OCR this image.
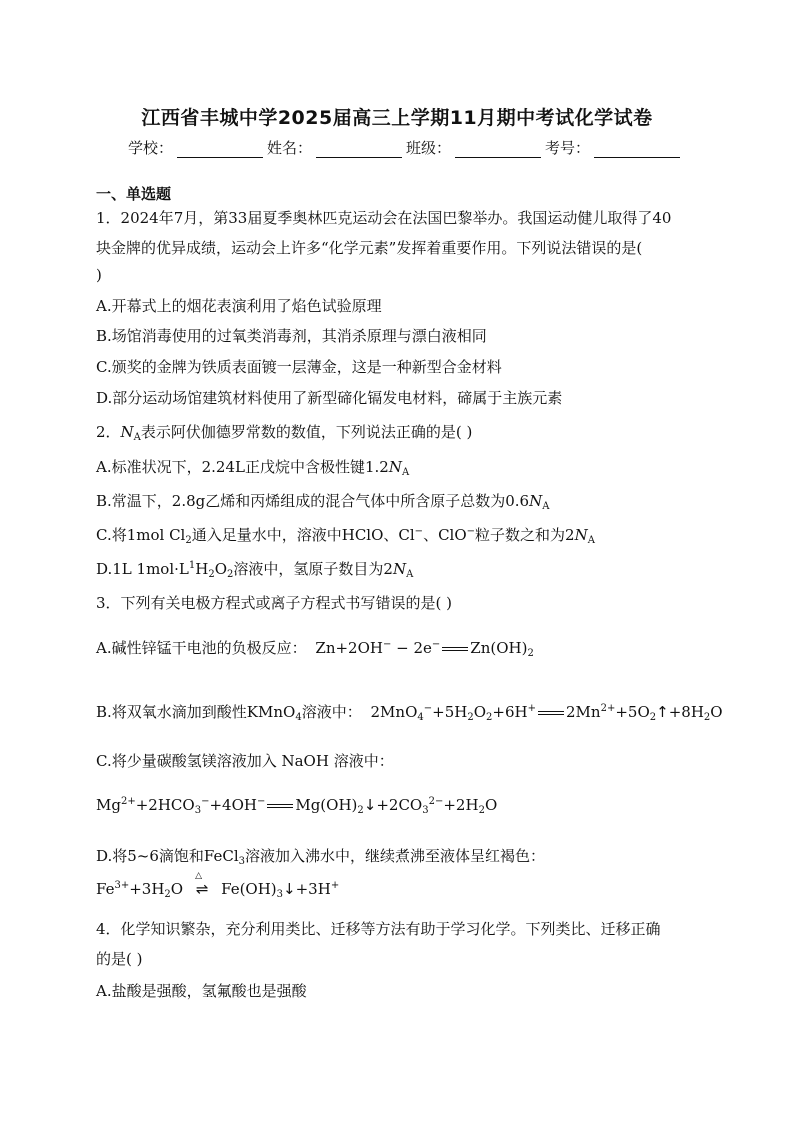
江西省丰城中学2025届高三上学期11月期中考试化学试卷
学校：	姓名：	班级：	考号：
一、单选题
1．2024年7月，第33届夏季奥林匹克运动会在法国巴黎举办。我国运动健儿取得了40
块金牌的优异成绩，运动会上许多“化学元素”发挥着重要作用。下列说法错误的是(
)
A.开幕式上的烟花表演利用了焰色试验原理
B.场馆消毒使用的过氧类消毒剂，其消杀原理与漂白液相同
C.颁奖的金牌为铁质表面镀一层薄金，这是一种新型合金材料
D.部分运动场馆建筑材料使用了新型碲化镉发电材料，碲属于主族元素
2．$N_A$表示阿伏伽德罗常数的数值，下列说法正确的是( )
A.标准状况下，2.24L正戊烷中含极性键$1.2N_A$
B.常温下，2.8g乙烯和丙烯组成的混合气体中所含原子总数为$0.6N_A$
C.将1mol $Cl_2$通入足量水中，溶液中HClO、Cl−、ClO−粒子数之和为$2N_A$
D.1L $1mol\cdot L^1H_2O_2$溶液中，氢原子数目为$2N_A$
3．下列有关电极方程式或离子方程式书写错误的是( )
A.碱性锌锰干电池的负极反应： Zn+2OH− − 2e− $Zn(OH)_2$
B.将双氧水滴加到酸性KMnO$_4$溶液中： $2MnO_4^-+5H_2O_2+6H^+$ $2Mn^{2+}+5O_2↑+8H_2O$
C.将少量碳酸氢镁溶液加入 NaOH 溶液中：
$Mg^{2+}+2HCO_3^-+4OH^-$ $Mg(OH)_2↓+2CO_3^{2-}+2H_2O$
D.将5~6滴饱和FeCl$_3$溶液加入沸水中，继续煮沸至液体呈红褐色：
$Fe^{3+}+3H_2O$
△
⇌ $Fe(OH)_3↓+3H^+$
4．化学知识繁杂，充分利用类比、迁移等方法有助于学习化学。下列类比、迁移正确
的是( )
A.盐酸是强酸，氢氟酸也是强酸
